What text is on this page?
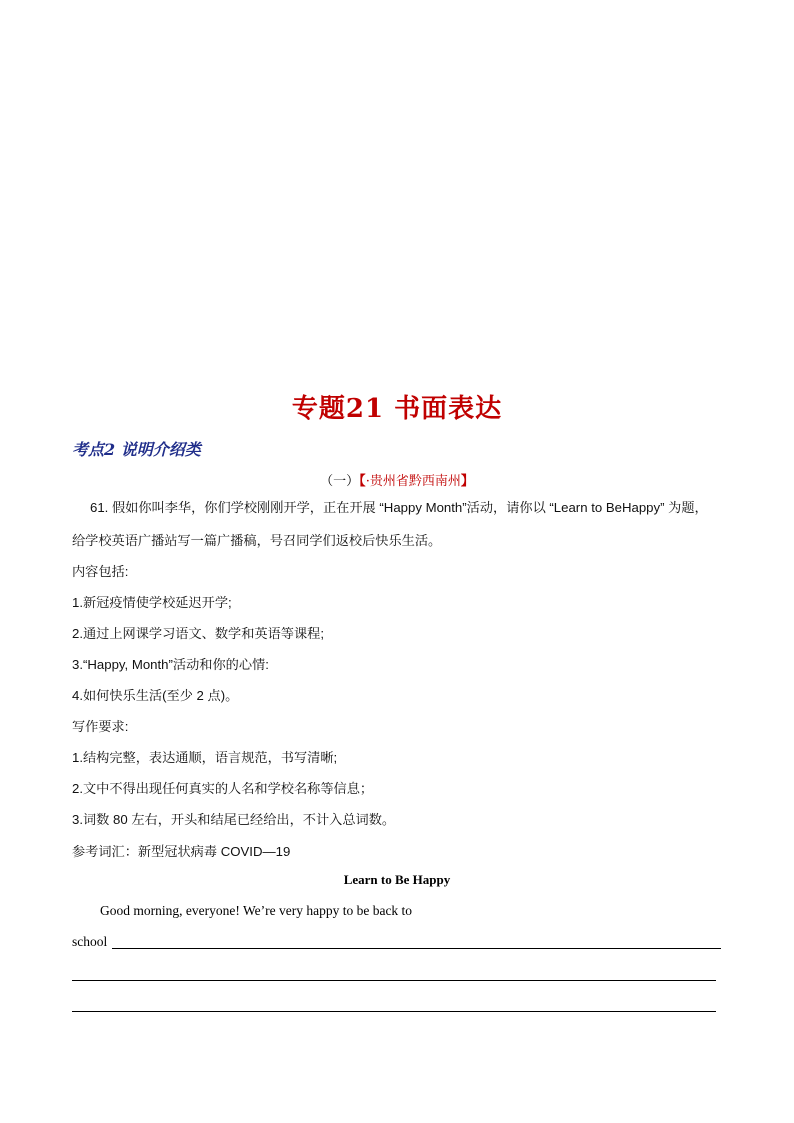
专题21 书面表达
考点2 说明介绍类
（一）【·贵州省黔西南州】
61. 假如你叫李华，你们学校刚刚开学，正在开展 “Happy Month”活动，请你以 “Learn to BeHappy” 为题，
给学校英语广播站写一篇广播稿，号召同学们返校后快乐生活。
内容包括:
1.新冠疫情使学校延迟开学;
2.通过上网课学习语文、数学和英语等课程;
3.“Happy, Month”活动和你的心情:
4.如何快乐生活(至少 2 点)。
写作要求:
1.结构完整，表达通顺，语言规范，书写清晰;
2.文中不得出现任何真实的人名和学校名称等信息；
3.词数 80 左右，开头和结尾已经给出，不计入总词数。
参考词汇：新型冠状病毒 COVID—19
Learn to Be Happy
Good morning, everyone! We’re very happy to be back to
school
